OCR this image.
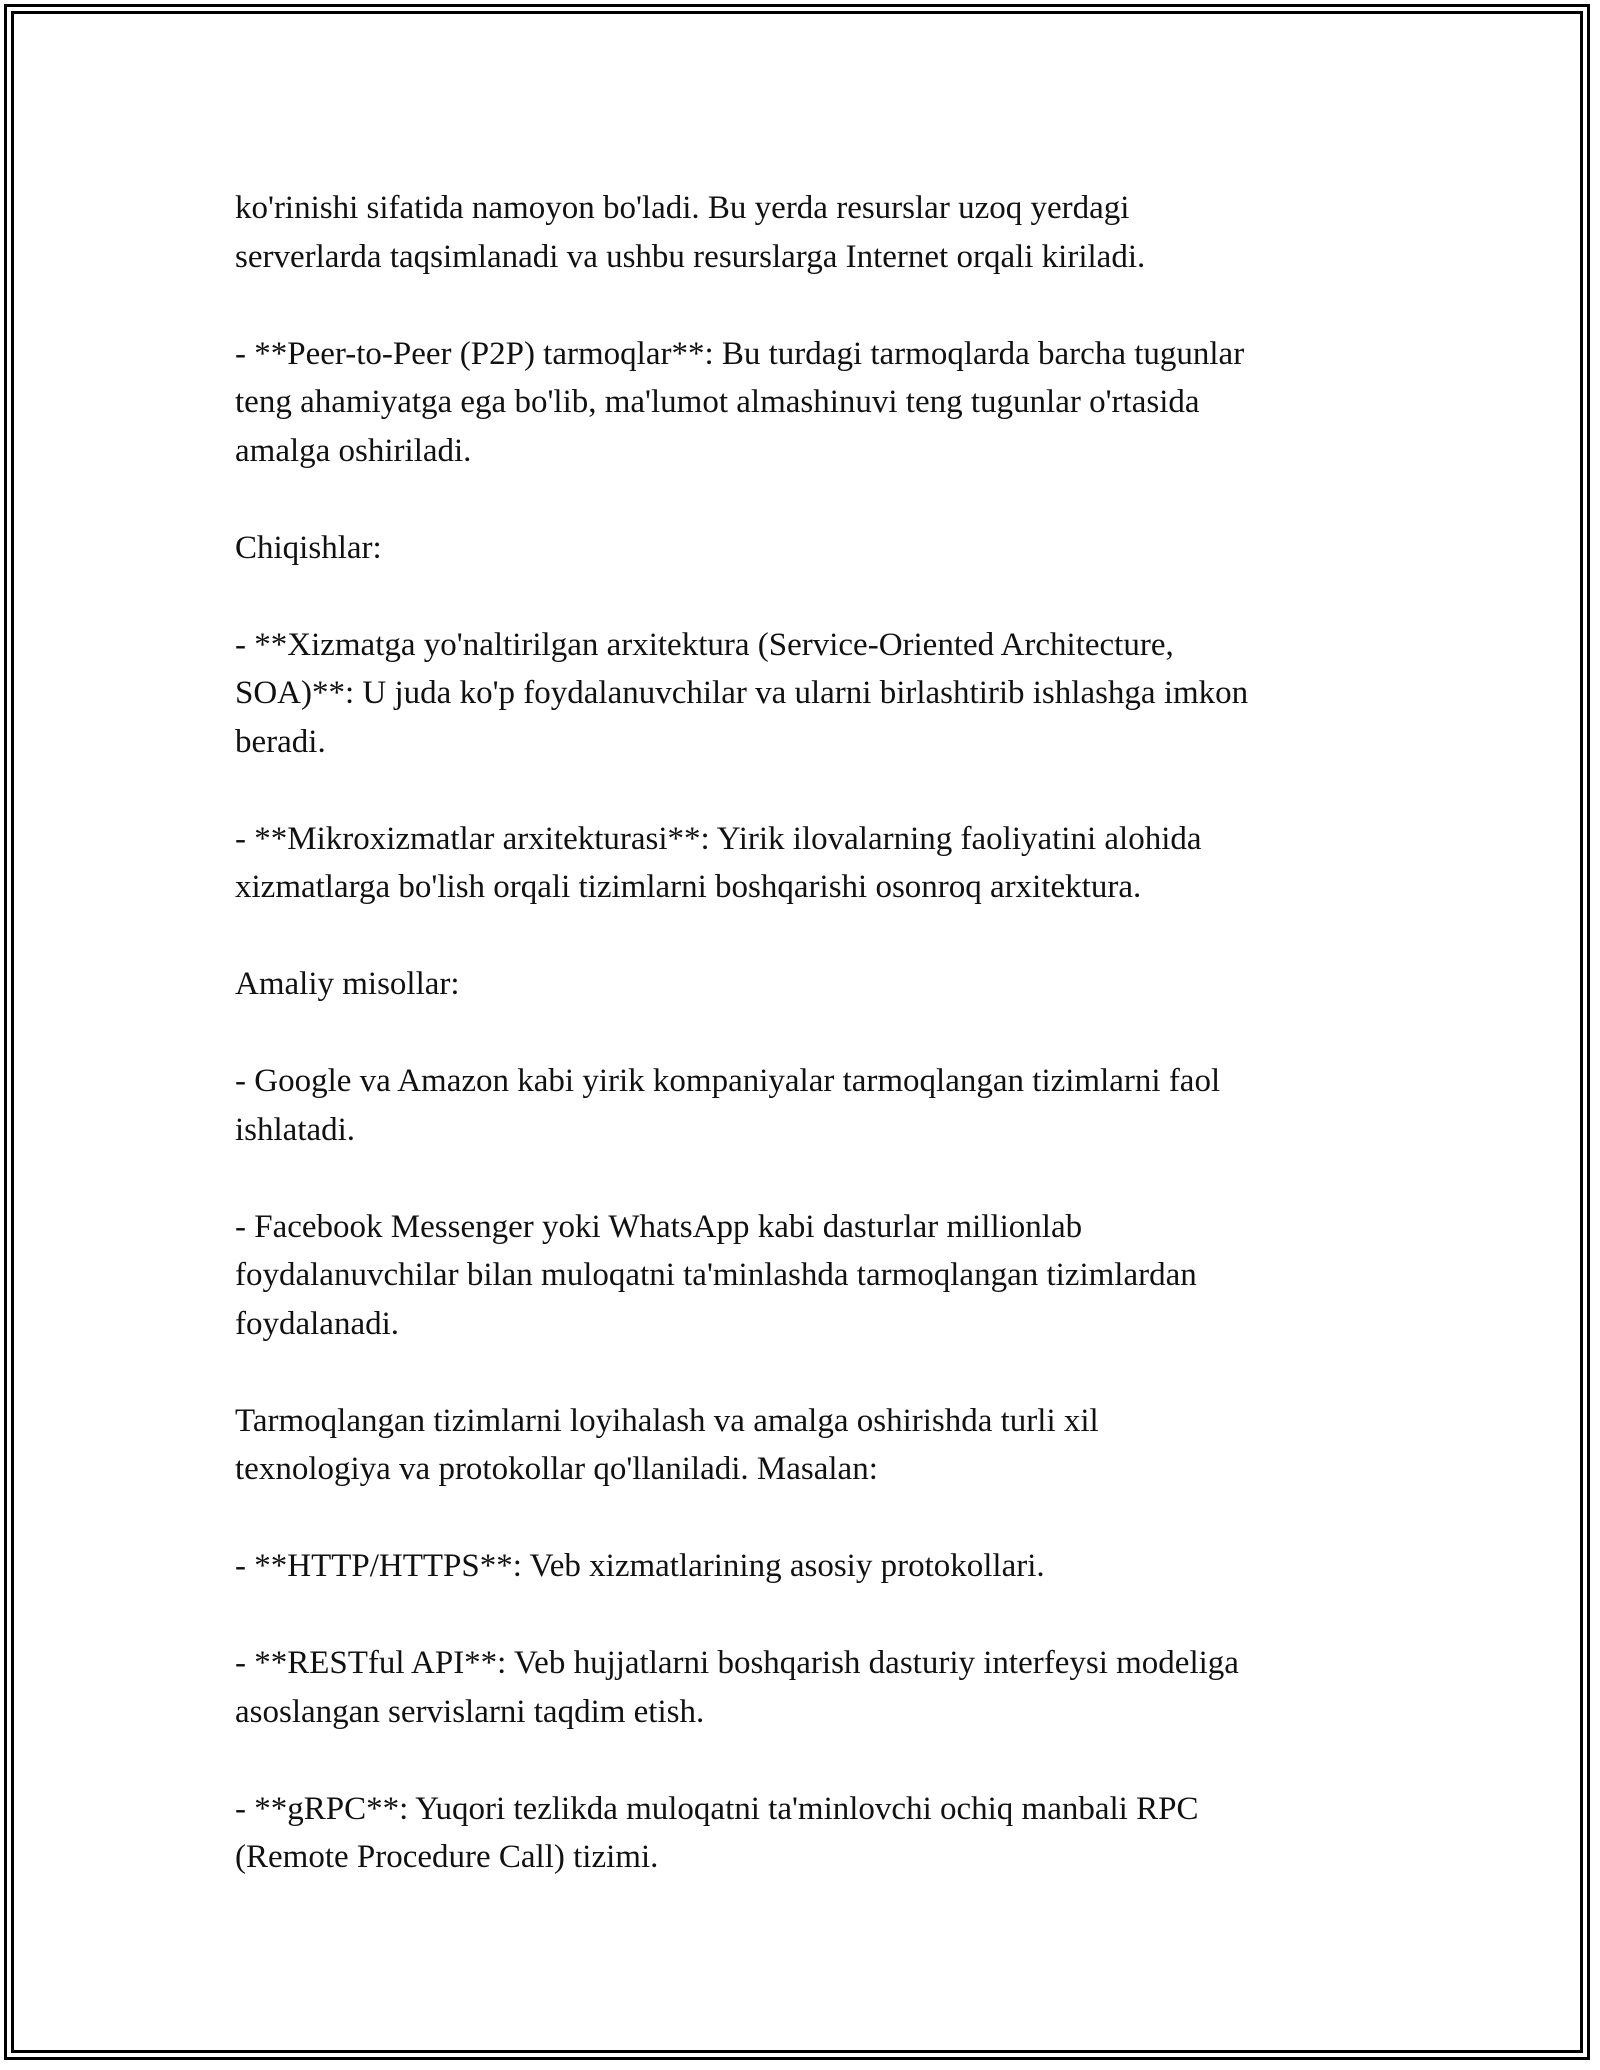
ko'rinishi sifatida namoyon bo'ladi. Bu yerda resurslar uzoq yerdagi
serverlarda taqsimlanadi va ushbu resurslarga Internet orqali kiriladi.

- **Peer-to-Peer (P2P) tarmoqlar**: Bu turdagi tarmoqlarda barcha tugunlar
teng ahamiyatga ega bo'lib, ma'lumot almashinuvi teng tugunlar o'rtasida
amalga oshiriladi.

Chiqishlar:

- **Xizmatga yo'naltirilgan arxitektura (Service-Oriented Architecture,
SOA)**: U juda ko'p foydalanuvchilar va ularni birlashtirib ishlashga imkon
beradi.

- **Mikroxizmatlar arxitekturasi**: Yirik ilovalarning faoliyatini alohida
xizmatlarga bo'lish orqali tizimlarni boshqarishi osonroq arxitektura.

Amaliy misollar:

- Google va Amazon kabi yirik kompaniyalar tarmoqlangan tizimlarni faol
ishlatadi.

- Facebook Messenger yoki WhatsApp kabi dasturlar millionlab
foydalanuvchilar bilan muloqatni ta'minlashda tarmoqlangan tizimlardan
foydalanadi.

Tarmoqlangan tizimlarni loyihalash va amalga oshirishda turli xil
texnologiya va protokollar qo'llaniladi. Masalan:

- **HTTP/HTTPS**: Veb xizmatlarining asosiy protokollari.

- **RESTful API**: Veb hujjatlarni boshqarish dasturiy interfeysi modeliga
asoslangan servislarni taqdim etish.

- **gRPC**: Yuqori tezlikda muloqatni ta'minlovchi ochiq manbali RPC
(Remote Procedure Call) tizimi.
